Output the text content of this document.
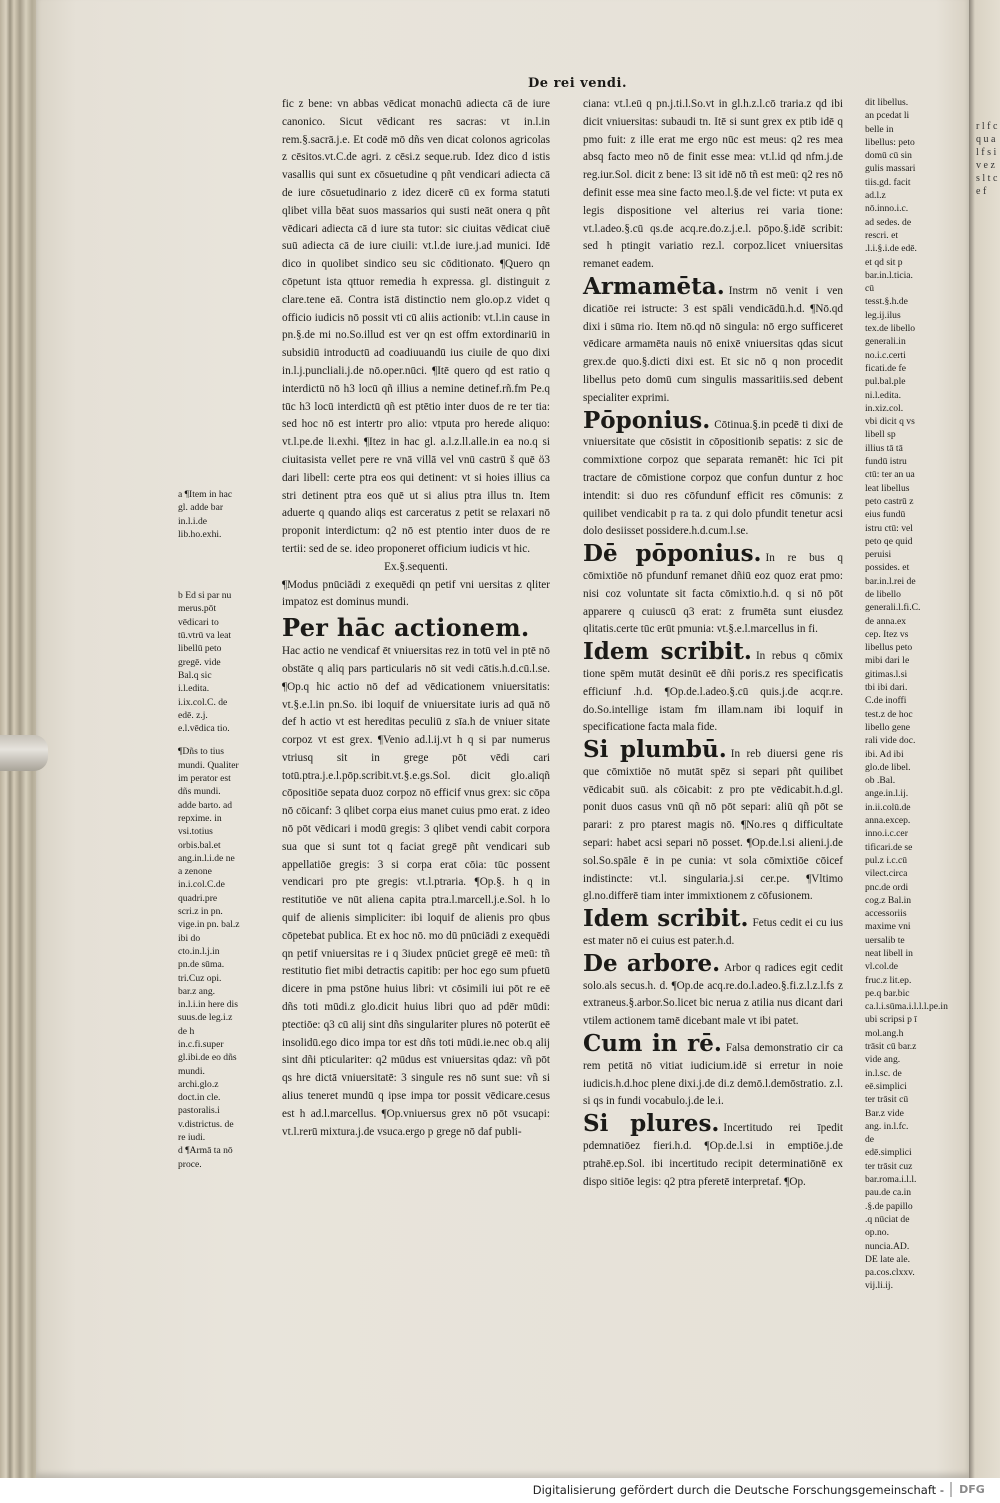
De rei vendi.

a ¶Item in hac gl. adde bar in.l.i.de lib.ho.exhi.

b Ed si par nu merus.pōt vēdicari to tū.vtrū va leat libellū peto gregē. vide Bal.q sic i.l.edita. i.ix.col.C. de edē. z.j. e.l.vēdica tio.

¶Dñs to tius mundi. Qualiter im perator est dñs mundi. adde barto. ad repxime. in vsi.totius orbis.bal.et ang.in.l.i.de ne a zenone in.i.col.C.de quadri.pre scri.z in pn. vige.in pn. bal.z ibi do cto.in.l.j.in pn.de sūma. tri.Cuz opi. bar.z ang. in.l.i.in here dis suus.de leg.i.z de h in.c.fi.super gl.ibi.de eo dñs mundi. archi.glo.z doct.in cle. pastoralis.i v.districtus. de re iudi.

d ¶Armā ta nō proce.

fic z bene: vn abbas vēdicat monachū adiecta cā de iure canonico. Sicut vēdicant res sacras: vt in.l.in rem.§.sacrā.j.e. Et codē mō dñs ven dicat colonos agricolas z cēsitos.vt.C.de agri. z cēsi.z seque.rub. Idez dico d istis vasallis qui sunt ex cōsuetudine q pñt vendicari adiecta cā de iure cōsuetudinario z idez dicerē cū ex forma statuti qlibet villa bēat suos massarios qui susti neāt onera q pñt vēdicari adiecta cā d iure sta tutor: sic ciuitas vēdicat ciuē suū adiecta cā de iure ciuili: vt.l.de iure.j.ad munici. Idē dico in quolibet sindico seu sic cōditionato. ¶Quero qn cōpetunt ista qttuor remedia h expressa. gl. distinguit z clare.tene eā. Contra istā distinctio nem glo.op.z videt q officio iudicis nō possit vti cū aliis actionib: vt.l.in cause in pn.§.de mi no.So.illud est ver qn est offm extordinariū in subsidiū introductū ad coadiuuandū ius ciuile de quo dixi in.l.j.puncliali.j.de nō.oper.nūci. ¶Itē quero qd est ratio q interdictū nō h3 locū qñ illius a nemine detinef.rñ.fm Pe.q tūc h3 locū interdictū qñ est ptētio inter duos de re ter tia: sed hoc nō est intertr pro alio: vtputa pro herede aliquo: vt.l.pe.de li.exhi. ¶Itez in hac gl. a.l.z.ll.alle.in ea no.q si ciuitasista vellet pere re vnā villā vel vnū castrū š quē ö3 dari libell: certe ptra eos qui detinent: vt si hoies illius ca stri detinent ptra eos quē ut si alius ptra illus tn. Item aduerte q quando aliqs est carceratus z petit se relaxari nō proponit interdictum: q2 nō est ptentio inter duos de re tertii: sed de se. ideo proponeret officium iudicis vt hic.

Ex.§.sequenti.

¶Modus pnūciādi z exequēdi qn petif vni uersitas z qliter impatoz est dominus mundi.

Per hāc actionem.

Hac actio ne vendicaf ēt vniuersitas rez in totū vel in ptē nō obstāte q aliq pars particularis nō sit vedi cātis.h.d.cū.l.se. ¶Op.q hic actio nō def ad vēdicationem vniuersitatis: vt.§.e.l.in pn.So. ibi loquif de vniuersitate iuris ad quā nō def h actio vt est hereditas peculiū z sīa.h de vniuer sitate corpoz vt est grex. ¶Venio ad.l.ij.vt h q si par numerus vtriusq sit in grege pōt vēdi cari totū.ptra.j.e.l.pōp.scribit.vt.§.e.gs.Sol. dicit glo.aliqñ cōpositiōe sepata duoz corpoz nō efficif vnus grex: sic cōpa nō cōicanf: 3 qlibet corpa eius manet cuius pmo erat. z ideo nō pōt vēdicari i modū gregis: 3 qlibet vendi cabit corpora sua que si sunt tot q faciat gregē pñt vendicari sub appellatiōe gregis: 3 si corpa erat cōia: tūc possent vendicari pro pte gregis: vt.l.ptraria. ¶Op.§. h q in restitutiōe ve nūt aliena capita ptra.l.marcell.j.e.Sol. h lo quif de alienis simpliciter: ibi loquif de alienis pro qbus cōpetebat publica. Et ex hoc nō. mo dū pnūciādi z exequēdi qn petif vniuersitas re i q 3iudex pnūciet gregē eē meū: tñ restitutio fiet mibi detractis capitib: per hoc ego sum pfuetū dicere in pma pstōne huius libri: vt cōsimili iui pōt re eē dñs toti mūdi.z glo.dicit huius libri quo ad pdēr mūdi: ptectiōe: q3 cū alij sint dñs singulariter plures nō poterūt eē insolidū.ego dico impa tor est dñs toti mūdi.ie.nec ob.q alij sint dñi pticulariter: q2 mūdus est vniuersitas qdaz: vñ pōt qs hre dictā vniuersitatē: 3 singule res nō sunt sue: vñ si alius teneret mundū q ipse impa tor possit vēdicare.cesus est h ad.l.marcellus. ¶Op.vniuersus grex nō pōt vsucapi: vt.l.rerū mixtura.j.de vsuca.ergo p grege nō daf publi-

ciana: vt.l.eū q pn.j.ti.l.So.vt in gl.h.z.l.cō traria.z qd ibi dicit vniuersitas: subaudi tn. Itē si sunt grex ex ptib idē q pmo fuit: z ille erat me ergo nūc est meus: q2 res mea absq facto meo nō de finit esse mea: vt.l.id qd nfm.j.de reg.iur.Sol. dicit z bene: l3 sit idē nō tñ est meū: q2 res nō definit esse mea sine facto meo.l.§.de vel ficte: vt puta ex legis dispositione vel alterius rei varia tione: vt.l.adeo.§.cū qs.de acq.re.do.z.j.e.l. pōpo.§.idē scribit: sed h ptingit variatio rez.l. corpoz.licet vniuersitas remanet eadem.

Armamēta. Instrm nō venit i ven dicatiōe rei istructe: 3 est spāli vendicādū.h.d. ¶Nō.qd dixi i sūma rio. Item nō.qd nō singula: nō ergo sufficeret vēdicare armamēta nauis nō enixē vniuersitas qdas sicut grex.de quo.§.dicti dixi est. Et sic nō q non procedit libellus peto domū cum singulis massaritiis.sed debent specialiter exprimi.

Pōponius. Cōtinua.§.in pcedē ti dixi de vniuersitate que cōsistit in cōpositionib sepatis: z sic de commixtione corpoz que separata remanēt: hic īci pit tractare de cōmistione corpoz que confun duntur z hoc intendit: si duo res cōfundunf efficit res cōmunis: z quilibet vendicabit p ra ta. z qui dolo pfundit tenetur acsi dolo desiisset possidere.h.d.cum.l.se.

Dē pōponius. In re bus q cōmixtiōe nō pfundunf remanet dñiū eoz quoz erat pmo: nisi coz voluntate sit facta cōmixtio.h.d. q si nō pōt apparere q cuiuscū q3 erat: z frumēta sunt eiusdez qlitatis.certe tūc erūt pmunia: vt.§.e.l.marcellus in fi.

Idem scribit. In rebus q cōmix tione spēm mutāt desinūt eē dñi poris.z res specificatis efficiunf .h.d. ¶Op.de.l.adeo.§.cū quis.j.de acqr.re. do.So.intellige istam fm illam.nam ibi loquif in specificatione facta mala fide.

Si plumbū. In reb diuersi gene ris que cōmixtiōe nō mutāt spēz si separi pñt quilibet vēdicabit suū. als cōicabit: z pro pte vēdicabit.h.d.gl. ponit duos casus vnū qñ nō pōt separi: aliū qñ pōt se parari: z pro ptarest magis nō. ¶No.res q difficultate separi: habet acsi separi nō posset. ¶Op.de.l.si alieni.j.de sol.So.spāle ē in pe cunia: vt sola cōmixtiōe cōicef indistincte: vt.l. singularia.j.si cer.pe. ¶Vltimo gl.no.differē tiam inter immixtionem z cōfusionem.

Idem scribit. Fetus cedit ei cu ius est mater nō ei cuius est pater.h.d.

De arbore. Arbor q radices egit cedit solo.als secus.h. d. ¶Op.de acq.re.do.l.adeo.§.fi.z.l.z.l.fs z extraneus.§.arbor.So.licet bic nerua z atilia nus dicant dari vtilem actionem tamē dicebant male vt ibi patet.

Cum in rē. Falsa demonstratio cir ca rem petitā nō vitiat iudicium.idē si erretur in noie iudicis.h.d.hoc plene dixi.j.de di.z demō.l.demōstratio. z.l. si qs in fundi vocabulo.j.de le.i.

Si plures. Incertitudo rei īpedit pdemnatiōez fieri.h.d. ¶Op.de.l.si in emptiōe.j.de ptrahē.ep.Sol. ibi incertitudo recipit determinatiōnē ex dispo sitiōe legis: q2 ptra pferetē interpretaf. ¶Op.

dit libellus. an pcedat li belle in libellus: peto domū cū sin gulis massari tiis.gd. facit ad.l.z nō.inno.i.c. ad sedes. de rescri. et .l.i.§.i.de edē. et qd sit p bar.in.l.ticia. cū tesst.§.h.de leg.ij.ilus tex.de libello generali.in no.i.c.certi ficati.de fe pul.bal.ple ni.l.edita. in.xiz.col. vbi dicit q vs libell sp illius tā tā fundū istru ctū: ter an ua leat libellus peto castrū z eius fundū istru ctū: vel peto qe quid peruisi possides. et bar.in.l.rei de de libello generali.l.fi.C. de anna.ex cep. Itez vs libellus peto mibi dari le gitimas.l.si tbi ibi dari. C.de inoffi test.z de hoc libello gene rali vide doc. ibi. Ad ibi glo.de libel. ob .Bal. ange.in.l.ij. in.ii.colū.de anna.excep. inno.i.c.cer tificari.de se pul.z i.c.cū vilect.circa pnc.de ordi cog.z Bal.in accessoriis maxime vni uersalib te neat libell in vl.col.de fruc.z lit.ep. pe.q bar.bic ca.l.i.sūma.i.l.l.l.pe.in ubi scripsi p ī mol.ang.h trāsit cū bar.z vide ang. in.l.sc. de eē.simplici ter trāsit cū Bar.z vide ang. in.l.fc. de edē.simplici ter trāsit cuz bar.roma.i.l.l. pau.de ca.in .§.de papillo .q nūciat de op.no. nuncia.AD. DE late ale. pa.cos.clxxv. vij.li.ij.
r l f c q u a l f s i v e z s l t c e f
Digitalisierung gefördert durch die Deutsche Forschungsgemeinschaft -	DFG
